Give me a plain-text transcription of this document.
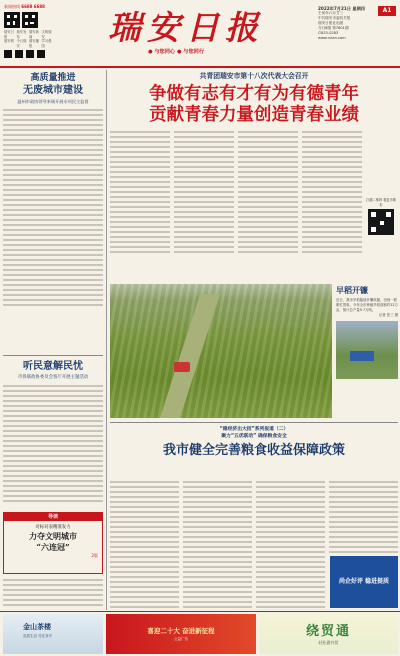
新闻热线 6688 6688
瑞安日报
瑞安发布
瑞安新闻
文明瑞安
瑞安网 今日瑞安
瑞安播报
学习强国 瑞安日报
● 与您同心 ● 与您同行
2022年7月21日 星期四
壬寅年六月廿三
中共瑞安市委机关报
瑞安日报社出版
今日8版 第7601期
CN33-0283
www.ruian.com
A1
高质量推进
无废城市建设
温州市政协领导来瑞开展专项民主监督
听民意解民忧
市侨联政协委员会客厅开展主题活动
导读
对标对表精准发力
力夺文明城市
“六连冠”
2版
共青团瑞安市第十八次代表大会召开
争做有志有才有为有德青年
贡献青春力量创造青春业绩
扫描二维码 看更多精彩
早稻开镰
近日，我市早稻陆续开镰收割，田间一派繁忙景象。今年全市种植早稻面积约12万亩，预计总产量5.7万吨。
记者 张三 摄
“稳经济出大招”系列报道（二）
聚力“五优联动” 确保粮食安全
我市健全完善粮食收益保障政策
尚企好评 稳进提质
金山茶楼
品质生活 尽在其中
喜迎二十大 奋进新征程
公益广告	绕贸通
轻松做外贸
